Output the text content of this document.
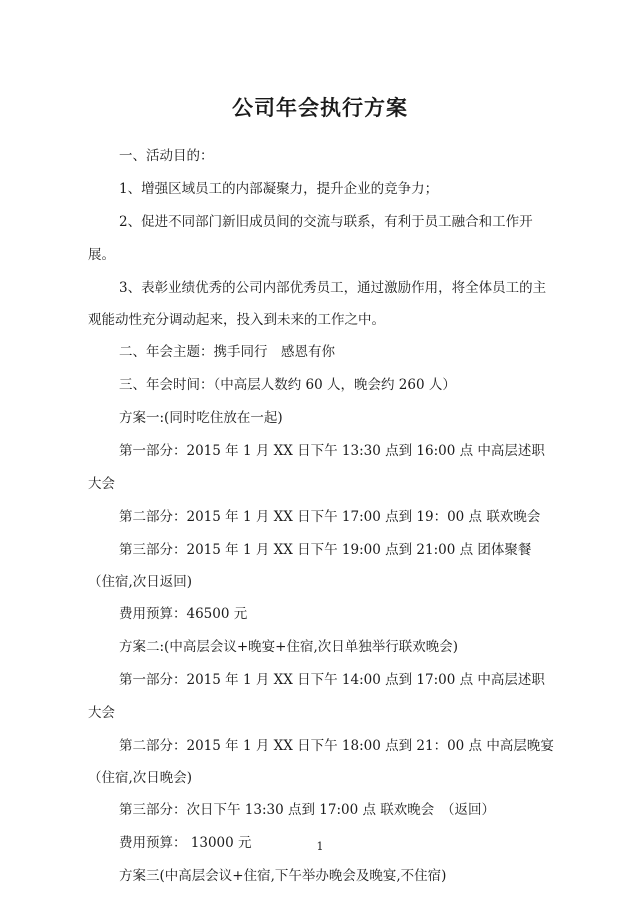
公司年会执行方案

一、活动目的：

1、增强区域员工的内部凝聚力，提升企业的竞争力；

2、促进不同部门新旧成员间的交流与联系，有利于员工融合和工作开展。

3、表彰业绩优秀的公司内部优秀员工，通过激励作用，将全体员工的主观能动性充分调动起来，投入到未来的工作之中。

二、年会主题：携手同行　感恩有你

三、年会时间：（中高层人数约 60 人，晚会约 260 人）

方案一:(同时吃住放在一起)

第一部分：2015 年 1 月 XX 日下午 13:30 点到 16:00 点 中高层述职大会

第二部分：2015 年 1 月 XX 日下午 17:00 点到 19：00 点 联欢晚会

第三部分：2015 年 1 月 XX 日下午 19:00 点到 21:00 点 团体聚餐（住宿,次日返回)

费用预算：46500 元

方案二:(中高层会议+晚宴+住宿,次日单独举行联欢晚会)

第一部分：2015 年 1 月 XX 日下午 14:00 点到 17:00 点 中高层述职大会

第二部分：2015 年 1 月 XX 日下午 18:00 点到 21：00 点 中高层晚宴（住宿,次日晚会)

第三部分：次日下午 13:30 点到 17:00 点 联欢晚会　（返回）

费用预算： 13000 元

方案三(中高层会议+住宿,下午举办晚会及晚宴,不住宿)

1
